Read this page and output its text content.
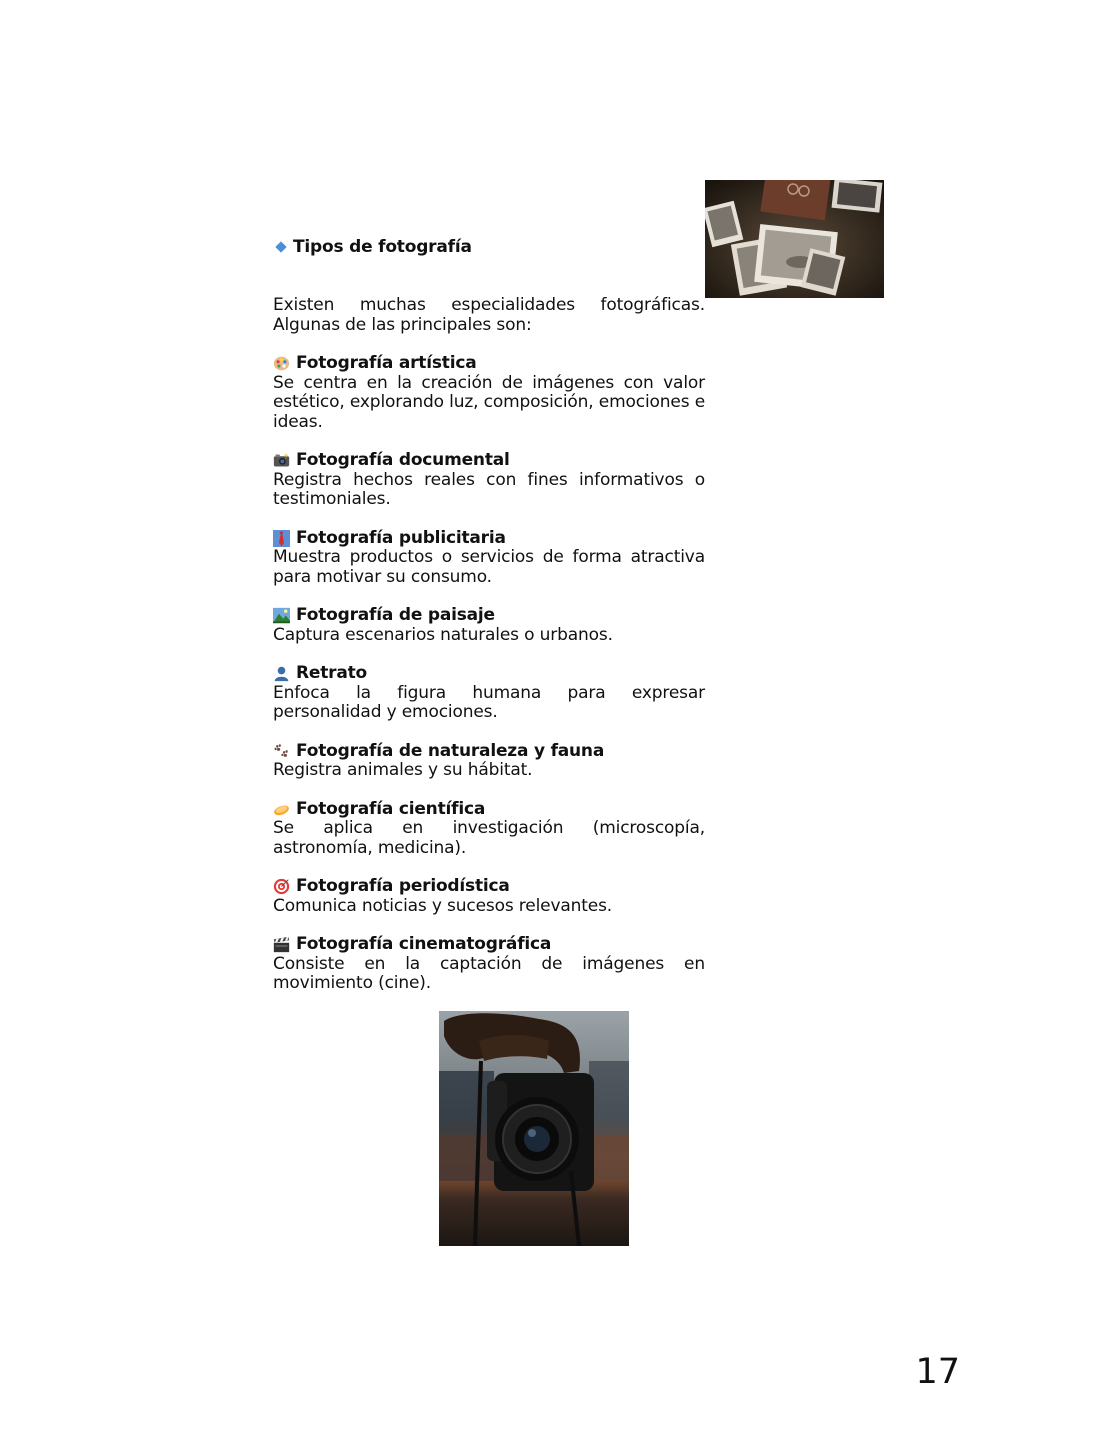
Tipos de fotografía
Existen muchas especialidades fotográficas. Algunas de las principales son:
Fotografía artística
Se centra en la creación de imágenes con valor estético, explorando luz, composición, emociones e ideas.
Fotografía documental
Registra hechos reales con fines informativos o testimoniales.
Fotografía publicitaria
Muestra productos o servicios de forma atractiva para motivar su consumo.
Fotografía de paisaje
Captura escenarios naturales o urbanos.
Retrato
Enfoca la figura humana para expresar personalidad y emociones.
Fotografía de naturaleza y fauna
Registra animales y su hábitat.
Fotografía científica
Se aplica en investigación (microscopía, astronomía, medicina).
Fotografía periodística
Comunica noticias y sucesos relevantes.
Fotografía cinematográfica
Consiste en la captación de imágenes en movimiento (cine).
17
